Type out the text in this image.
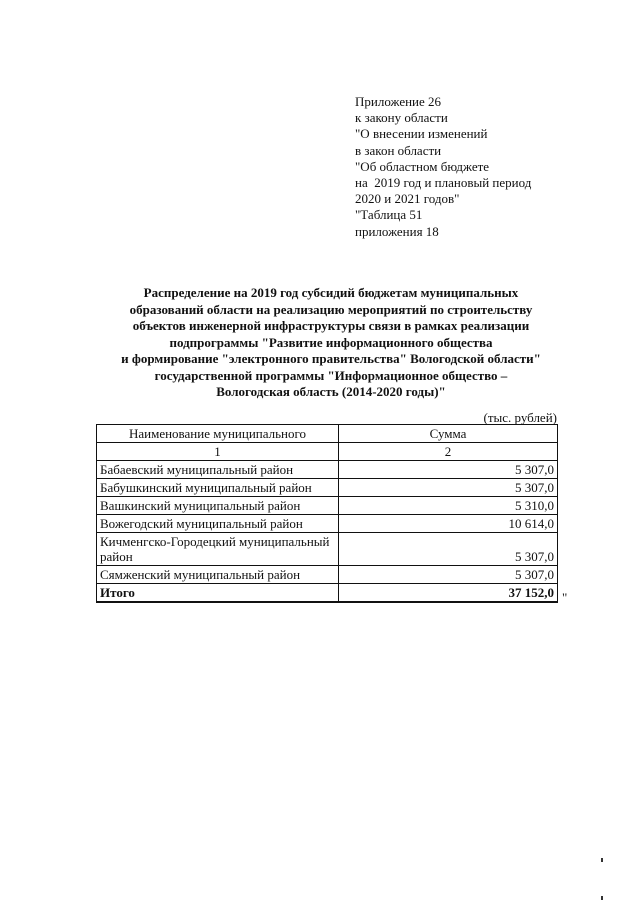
Приложение 26
к закону области
"О внесении изменений
в закон области
"Об областном бюджете
на  2019 год и плановый период
2020 и 2021 годов"
"Таблица 51
приложения 18
Распределение на 2019 год субсидий бюджетам муниципальных
образований области на реализацию мероприятий по строительству
объектов инженерной инфраструктуры связи в рамках реализации
подпрограммы "Развитие информационного общества
и формирование "электронного правительства" Вологодской области"
государственной программы "Информационное общество –
Вологодская область (2014-2020 годы)"
(тыс. рублей)
Наименование муниципального	Сумма
1	2
Бабаевский муниципальный район	5 307,0
Бабушкинский муниципальный район	5 307,0
Вашкинский муниципальный район	5 310,0
Вожегодский муниципальный район	10 614,0
Кичменгско-Городецкий муниципальный район	5 307,0
Сямженский муниципальный район	5 307,0
Итого	37 152,0 "
